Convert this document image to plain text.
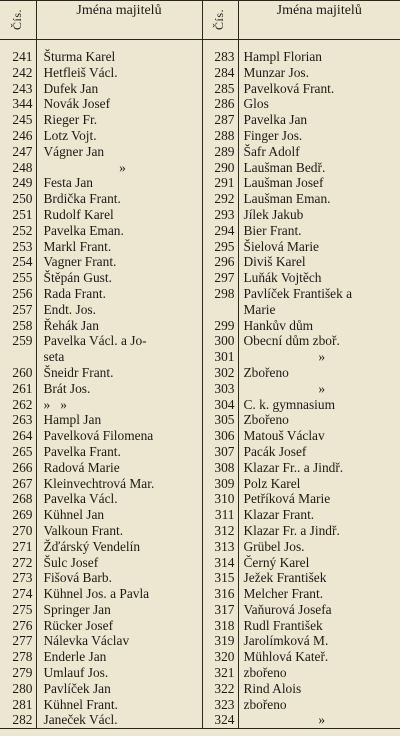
Čís.	Jména majitelů	Čís.	Jména majitelů

241	Šturma Karel	283	Hampl Florian
242	Hetfleiš Václ.	284	Munzar Jos.
243	Dufek Jan	285	Pavelková Frant.
344	Novák Josef	286	Glos
245	Rieger Fr.	287	Pavelka Jan
246	Lotz Vojt.	288	Finger Jos.
247	Vágner Jan	289	Šafr Adolf
248	»	290	Laušman Bedř.
249	Festa Jan	291	Laušman Josef
250	Brdička Frant.	292	Laušman Eman.
251	Rudolf Karel	293	Jílek Jakub
252	Pavelka Eman.	294	Bier Frant.
253	Markl Frant.	295	Šielová Marie
254	Vagner Frant.	296	Diviš Karel
255	Štěpán Gust.	297	Luňák Vojtěch
256	Rada Frant.	298	Pavlíček František a
257	Endt. Jos.		Marie
258	Řehák Jan	299	Hankův dům
259	Pavelka Václ. a Jo-	300	Obecní dům zboř.
	seta	301	»
260	Šneidr Frant.	302	Zbořeno
261	Brát Jos.	303	»
262	»   »	304	C. k. gymnasium
263	Hampl Jan	305	Zbořeno
264	Pavelková Filomena	306	Matouš Václav
265	Pavelka Frant.	307	Pacák Josef
266	Radová Marie	308	Klazar Fr.. a Jindř.
267	Kleinvechtrová Mar.	309	Polz Karel
268	Pavelka Václ.	310	Petříková Marie
269	Kühnel Jan	311	Klazar Frant.
270	Valkoun Frant.	312	Klazar Fr. a Jindř.
271	Žďárský Vendelín	313	Grübel Jos.
272	Šulc Josef	314	Černý Karel
273	Fišová Barb.	315	Ježek František
274	Kühnel Jos. a Pavla	316	Melcher Frant.
275	Springer Jan	317	Vaňurová Josefa
276	Rücker Josef	318	Rudl František
277	Nálevka Václav	319	Jarolímková M.
278	Enderle Jan	320	Mühlová Kateř.
279	Umlauf Jos.	321	zbořeno
280	Pavlíček Jan	322	Rind Alois
281	Kühnel Frant.	323	zbořeno
282	Janeček Václ.	324	»
